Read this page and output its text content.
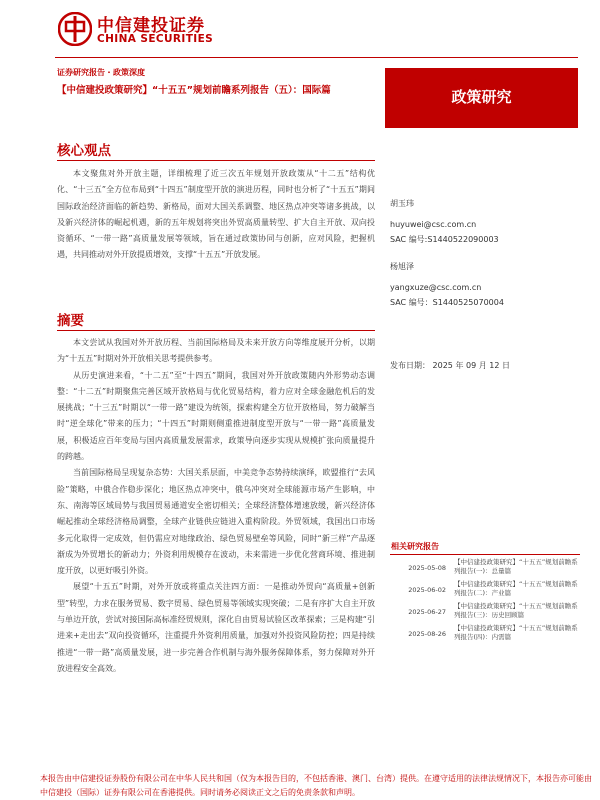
中信建投证券
CHINA SECURITIES
证券研究报告・政策深度
【中信建投政策研究】“十五五”规划前瞻系列报告（五）：国际篇	政策研究
核心观点

本文聚焦对外开放主题，详细梳理了近三次五年规划开放政策从“十二五”结构优化、“十三五”全方位布局到“十四五”制度型开放的演进历程，同时也分析了“十五五”期间国际政治经济面临的新趋势、新格局，面对大国关系调整、地区热点冲突等诸多挑战，以及新兴经济体的崛起机遇，新的五年规划将突出外贸高质量转型、扩大自主开放、双向投资循环、“一带一路”高质量发展等领域，旨在通过政策协同与创新，应对风险，把握机遇，共同推动对外开放提质增效，支撑“十五五”开放发展。

胡玉玮
huyuwei@csc.com.cn
SAC 编号:S1440522090003
杨旭泽
yangxuze@csc.com.cn
SAC 编号：S1440525070004
发布日期： 2025 年 09 月 12 日
摘要

本文尝试从我国对外开放历程、当前国际格局及未来开放方向等维度展开分析，以期为“十五五”时期对外开放相关思考提供参考。

从历史演进来看，“十二五”至“十四五”期间，我国对外开放政策随内外形势动态调整：“十二五”时期聚焦完善区域开放格局与优化贸易结构，着力应对全球金融危机后的发展挑战；“十三五”时期以“一带一路”建设为统领，探索构建全方位开放格局，努力破解当时“逆全球化”带来的压力；“十四五”时期则侧重推进制度型开放与“一带一路”高质量发展，积极适应百年变局与国内高质量发展需求，政策导向逐步实现从规模扩张向质量提升的跨越。

当前国际格局呈现复杂态势：大国关系层面，中美竞争态势持续演绎，欧盟推行“去风险”策略，中俄合作稳步深化；地区热点冲突中，俄乌冲突对全球能源市场产生影响，中东、南海等区域局势与我国贸易通道安全密切相关；全球经济整体增速放缓，新兴经济体崛起推动全球经济格局调整，全球产业链供应链进入重构阶段。外贸领域，我国出口市场多元化取得一定成效，但仍需应对地缘政治、绿色贸易壁垒等风险，同时“新三样”产品逐渐成为外贸增长的新动力；外资利用规模存在波动，未来需进一步优化营商环境、推进制度开放，以更好吸引外资。

展望“十五五”时期，对外开放或将重点关注四方面：一是推动外贸向“高质量+创新型”转型，力求在服务贸易、数字贸易、绿色贸易等领域实现突破；二是有序扩大自主开放与单边开放，尝试对接国际高标准经贸规则，深化自由贸易试验区改革探索；三是构建“引进来+走出去”双向投资循环，注重提升外资利用质量，加强对外投资风险防控；四是持续推进“一带一路”高质量发展，进一步完善合作机制与海外服务保障体系，努力保障对外开放进程安全高效。

相关研究报告
2025-05-08
【中信建投政策研究】“十五五”规划前瞻系列报告(一)：总量篇
2025-06-02
【中信建投政策研究】“十五五”规划前瞻系列报告(二)：产业篇
2025-06-27
【中信建投政策研究】“十五五”规划前瞻系列报告(三)：历史回顾篇
2025-08-26
【中信建投政策研究】“十五五”规划前瞻系列报告(四)：内需篇
本报告由中信建投证券股份有限公司在中华人民共和国（仅为本报告目的，不包括香港、澳门、台湾）提供。在遵守适用的法律法规情况下，本报告亦可能由中信建投（国际）证券有限公司在香港提供。同时请务必阅读正文之后的免责条款和声明。
